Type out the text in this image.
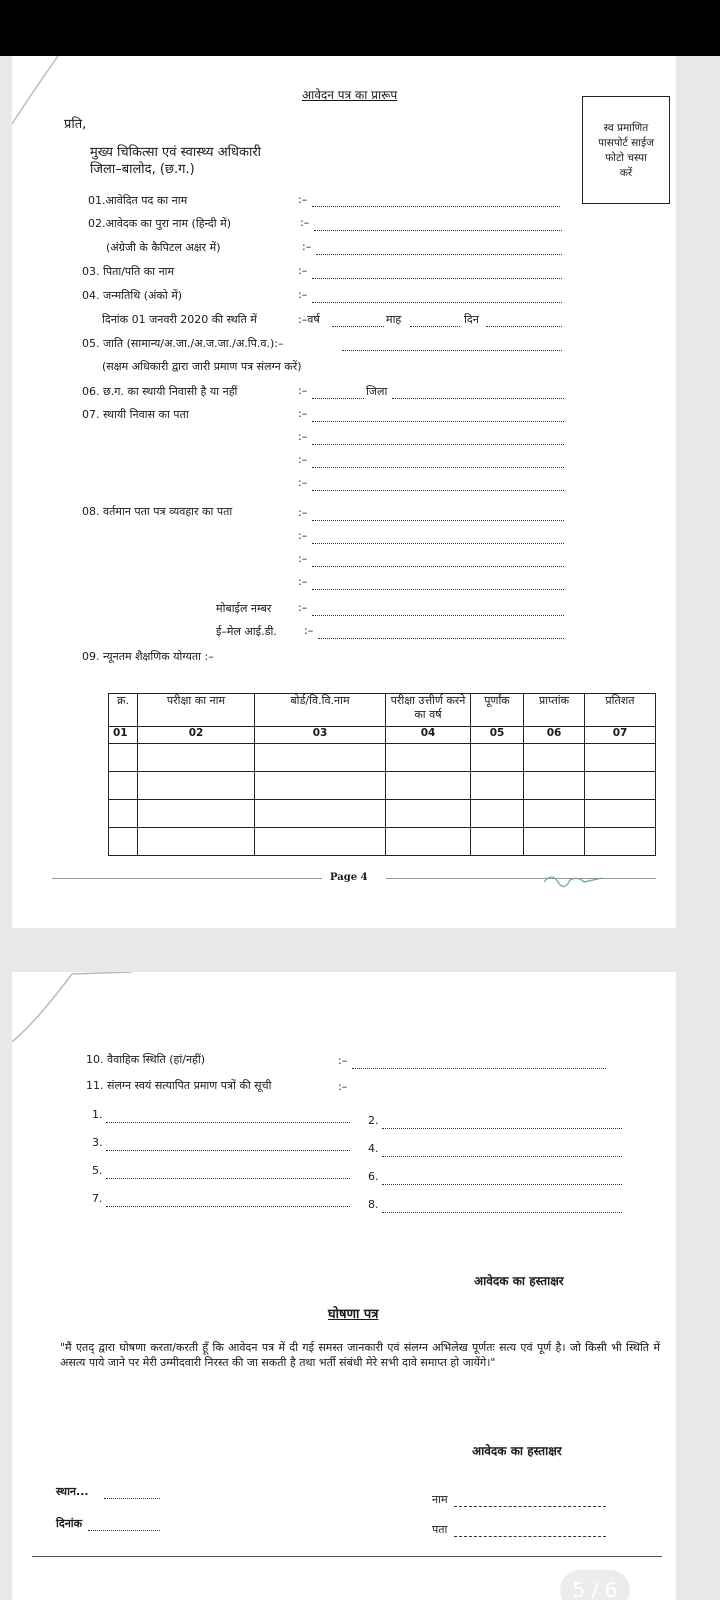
आवेदन पत्र का प्रारूप
प्रति,
मुख्य चिकित्सा एवं स्वास्थ्य अधिकारी
जिला–बालोद, (छ.ग.)
स्व प्रमाणित
पासपोर्ट साईज
फोटो चस्पा
करें
01.आवेदित पद का नाम	:–
02.आवेदक का पुरा नाम (हिन्दी में)	:–
(अंग्रेजी के कैपिटल अक्षर में)	:–
03. पिता/पति का नाम	:–
04. जन्मतिथि (अंको में)	:–
दिनांक 01 जनवरी 2020 की स्थति में	:–वर्ष	माह	दिन
05. जाति (सामान्य/अ.जा./अ.ज.जा./अ.पि.व.):–
(सक्षम अधिकारी द्वारा जारी प्रमाण पत्र संलग्न करें)
06. छ.ग. का स्थायी निवासी है या नहीं	:–	जिला
07. स्थायी निवास का पता	:–
:–
:–
:–
08. वर्तमान पता पत्र व्यवहार का पता	:–
:–
:–
:–
मोबाईल नम्बर :–
ई–मेल आई.डी. :–
09. न्यूनतम शैक्षणिक योग्यता :–
क्र.	परीक्षा का नाम	बोर्ड/वि.वि.नाम	परीक्षा उत्तीर्ण करने का वर्ष	पूर्णांक	प्राप्तांक	प्रतिशत
01	02	03	04	05	06	07

Page 4
10. वैवाहिक स्थिति (हां/नहीं)	:–
11. संलग्न स्वयं सत्यापित प्रमाण पत्रों की सूची	:–
1.	2.
3.	4.
5.	6.
7.	8.
आवेदक का हस्ताक्षर
5 / 6
घोषणा पत्र
"मैं एतद् द्वारा घोषणा करता/करती हूँ कि आवेदन पत्र में दी गई समस्त जानकारी एवं संलग्न अभिलेख पूर्णतः सत्य एवं पूर्ण है। जो किसी भी स्थिति में असत्य पाये जाने पर मेरी उम्मीदवारी निरस्त की जा सकती है तथा भर्ती संबंधी मेरे सभी दावे समाप्त हो जायेंगे।"
आवेदक का हस्ताक्षर
स्थान...
नाम
दिनांक	पता
